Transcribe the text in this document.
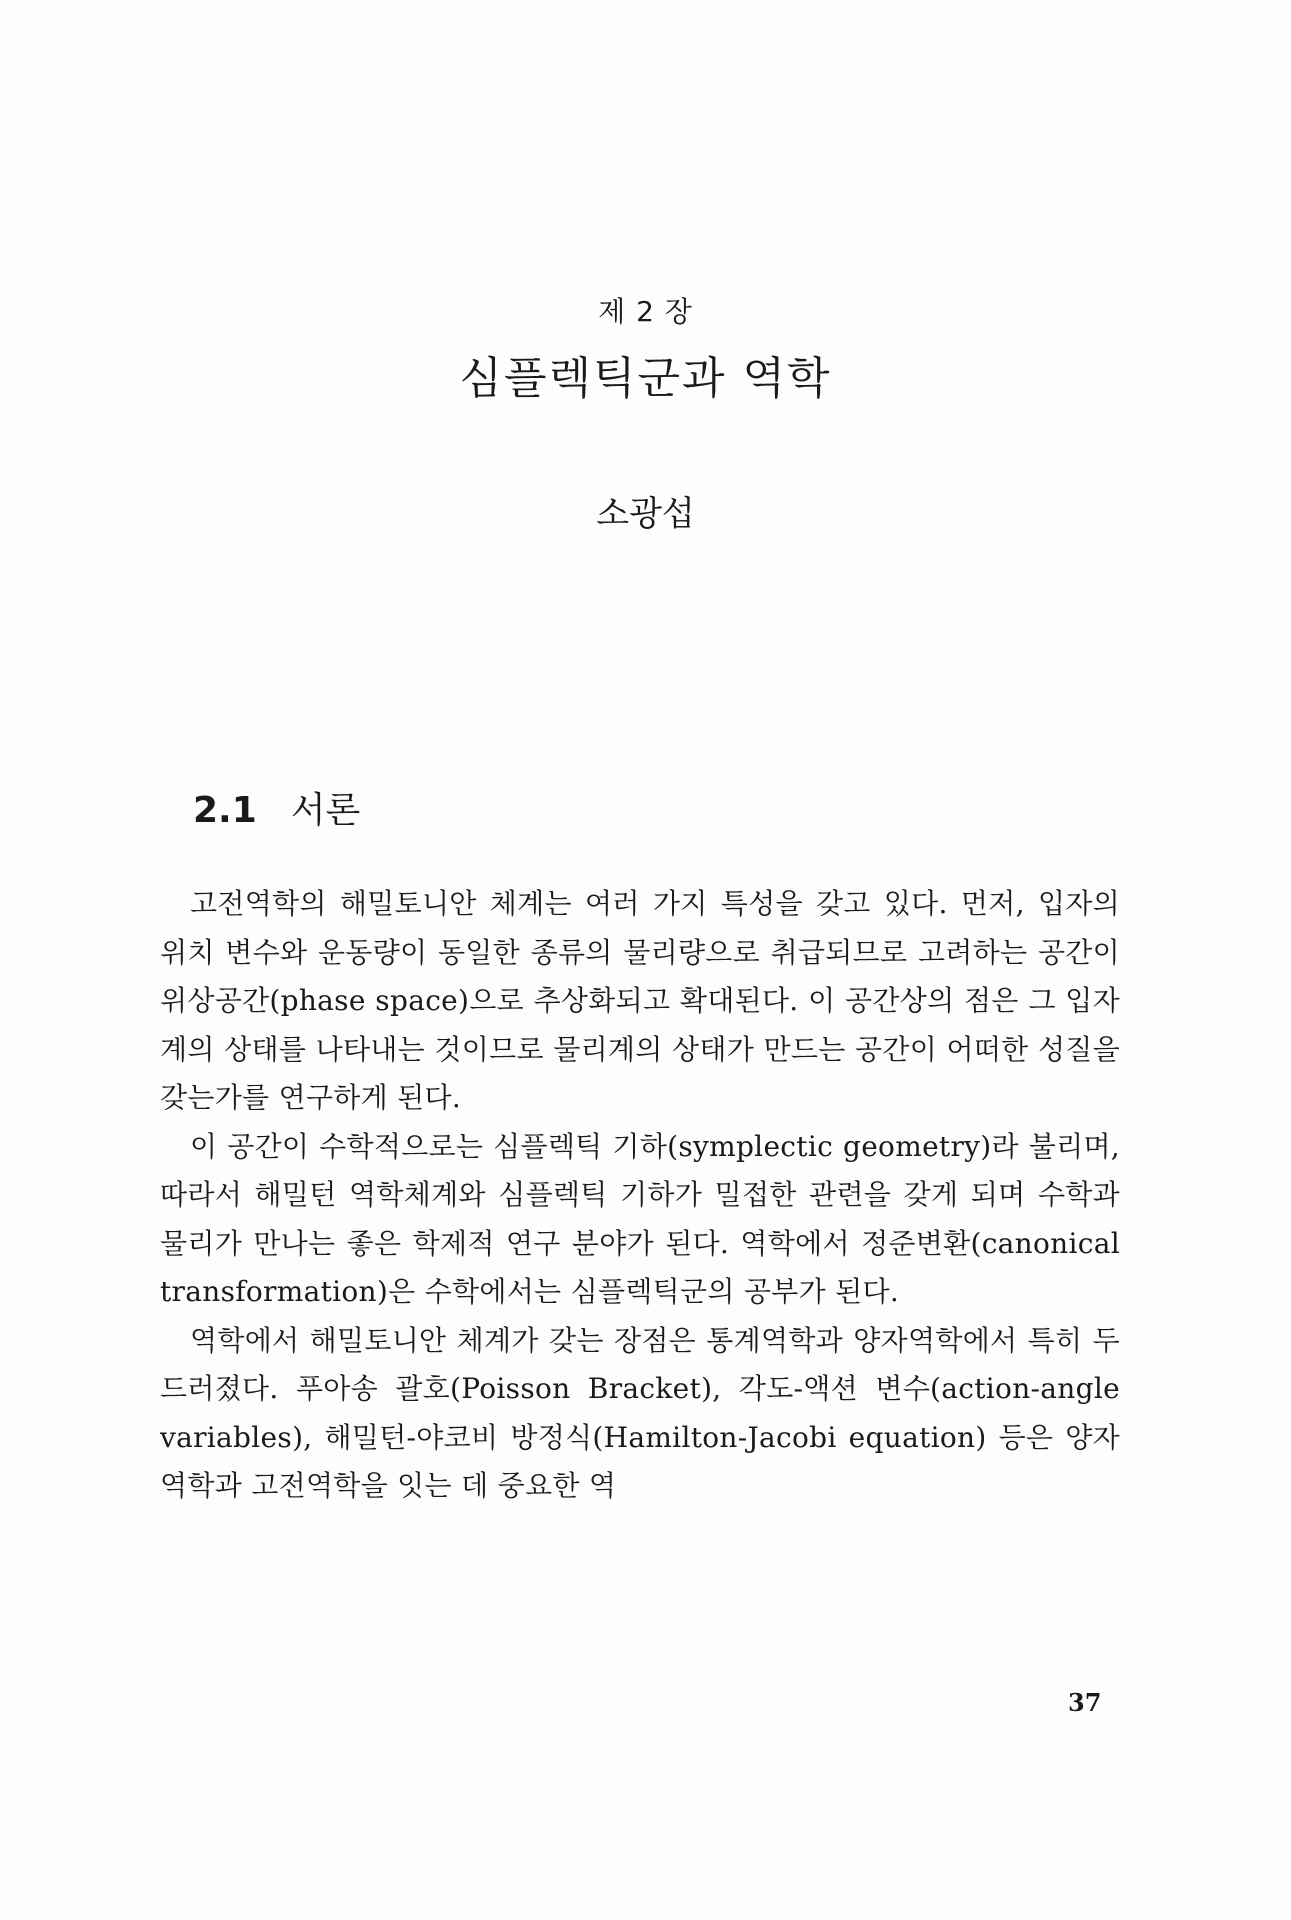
제 2 장
심플렉틱군과 역학
소광섭
2.1 서론

고전역학의 해밀토니안 체계는 여러 가지 특성을 갖고 있다. 먼저, 입자의 위치 변수와 운동량이 동일한 종류의 물리량으로 취급되므로 고려하는 공간이 위상공간(phase space)으로 추상화되고 확대된다. 이 공간상의 점은 그 입자계의 상태를 나타내는 것이므로 물리계의 상태가 만드는 공간이 어떠한 성질을 갖는가를 연구하게 된다.

이 공간이 수학적으로는 심플렉틱 기하(symplectic geometry)라 불리며, 따라서 해밀턴 역학체계와 심플렉틱 기하가 밀접한 관련을 갖게 되며 수학과 물리가 만나는 좋은 학제적 연구 분야가 된다. 역학에서 정준변환(canonical transformation)은 수학에서는 심플렉틱군의 공부가 된다.

역학에서 해밀토니안 체계가 갖는 장점은 통계역학과 양자역학에서 특히 두드러졌다. 푸아송 괄호(Poisson Bracket), 각도-액션 변수(action-angle variables), 해밀턴-야코비 방정식(Hamilton-Jacobi equation) 등은 양자역학과 고전역학을 잇는 데 중요한 역

37
